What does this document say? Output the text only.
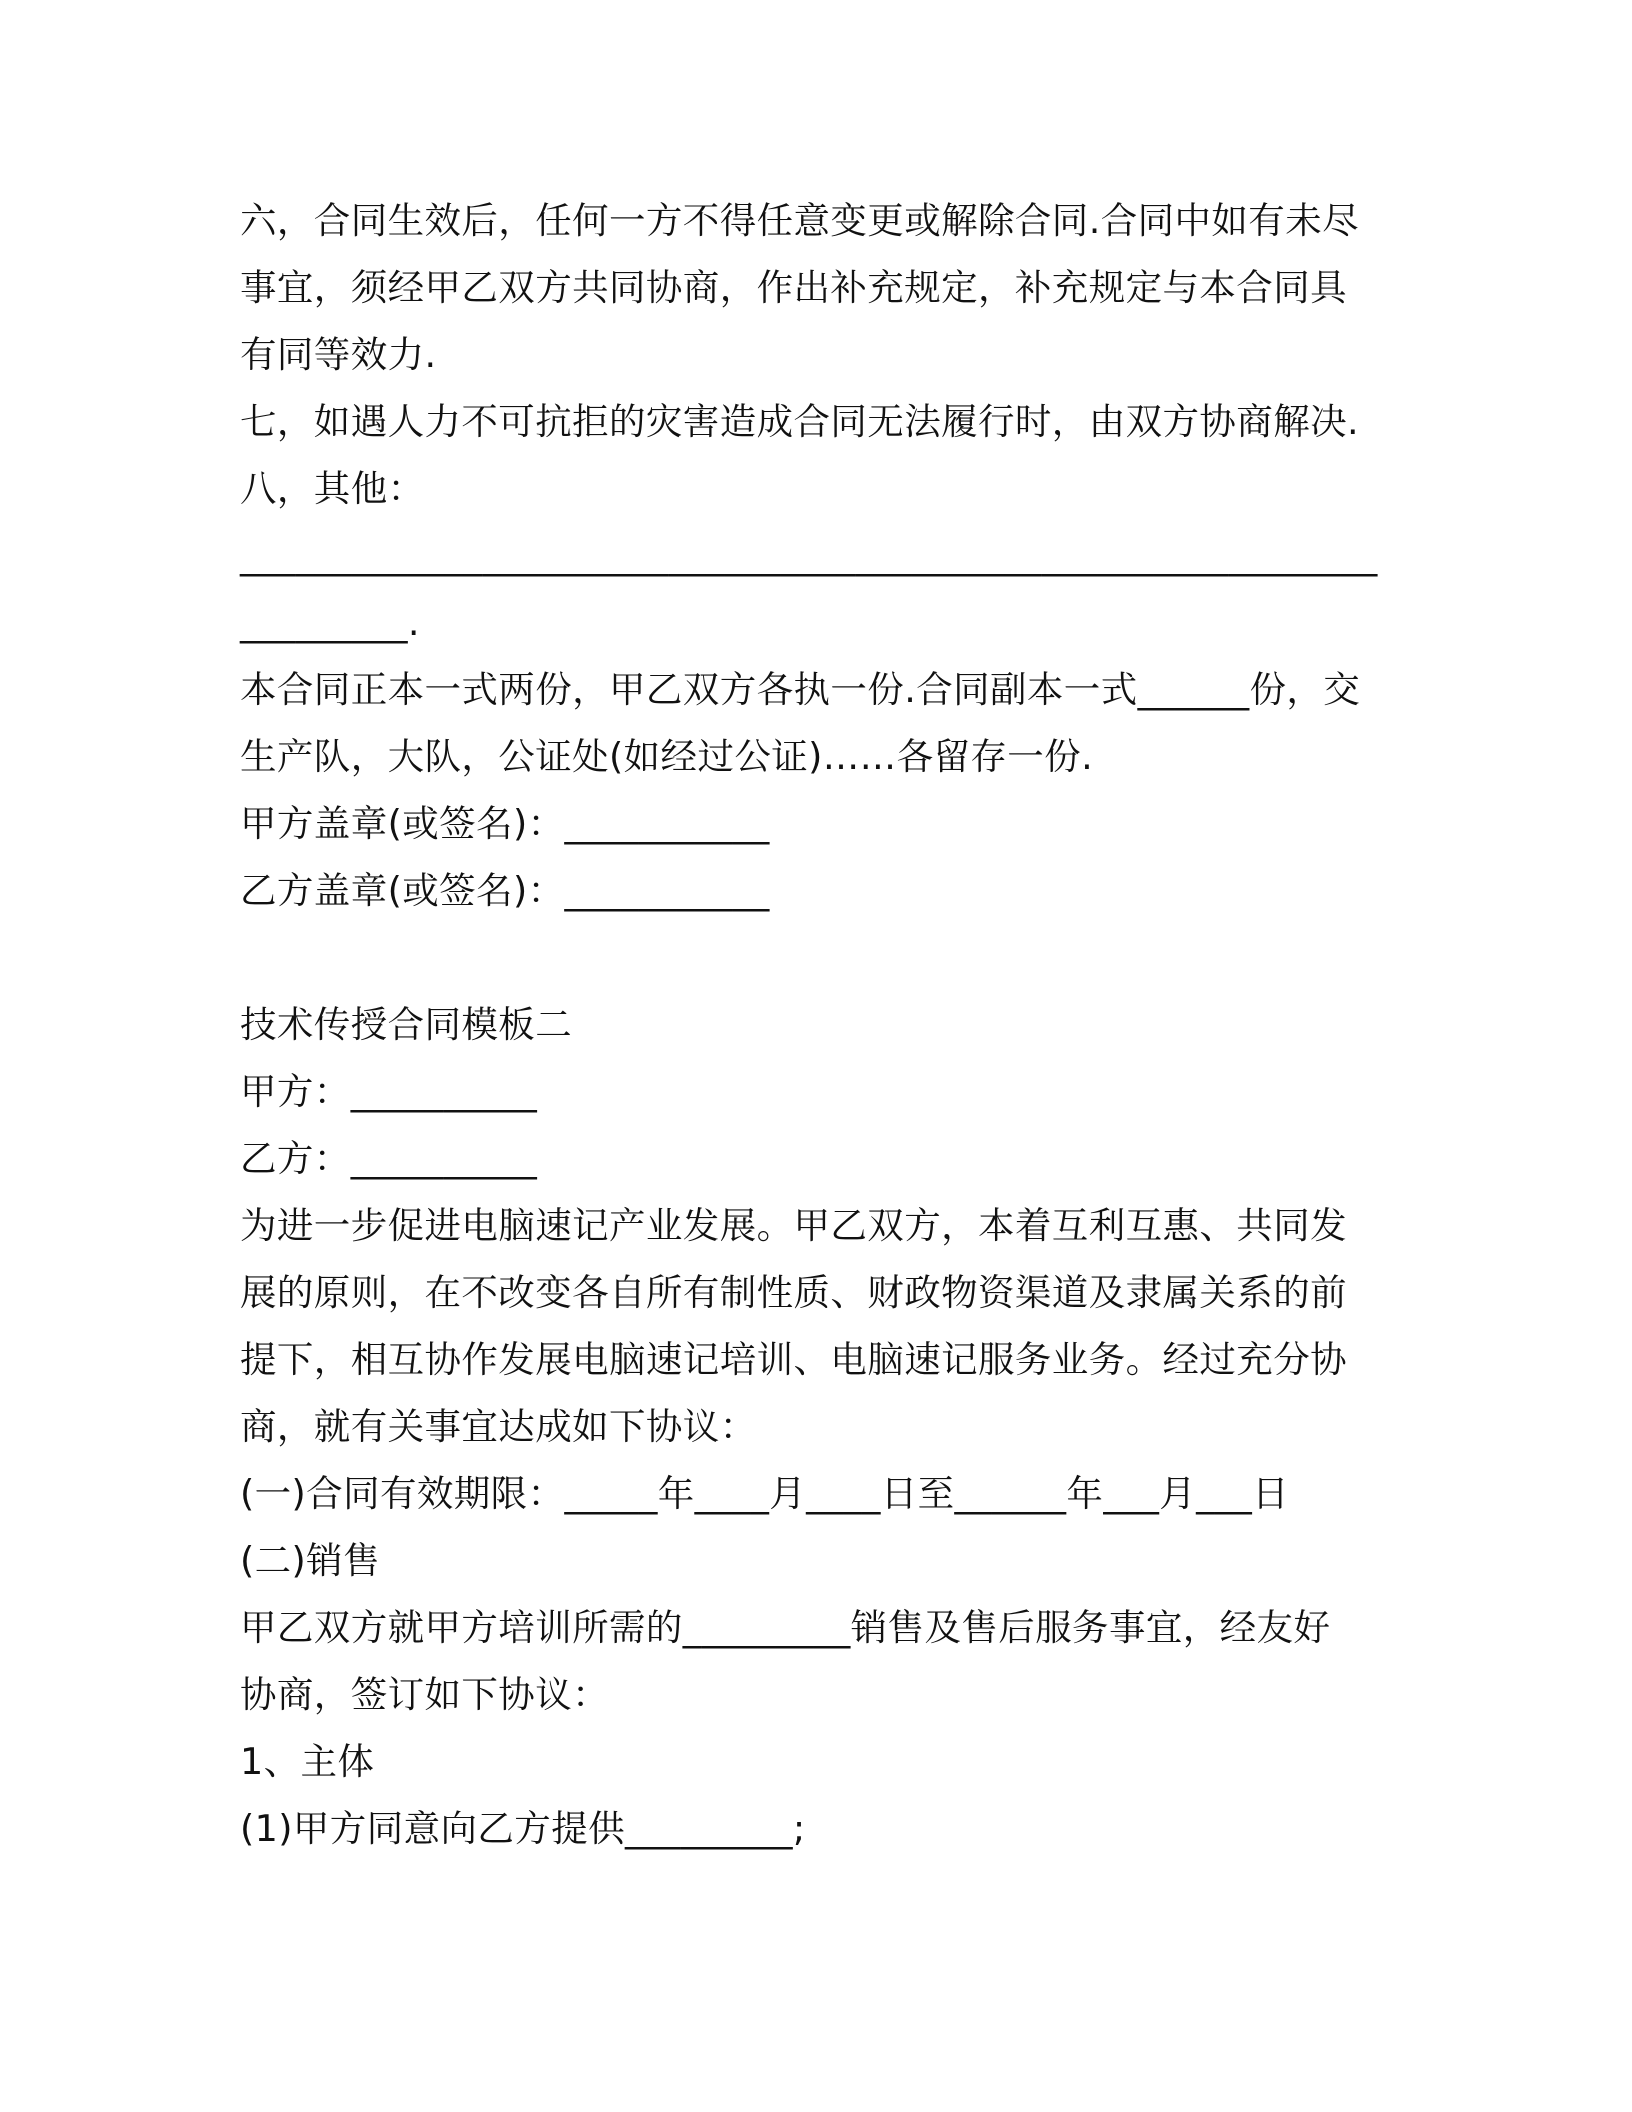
六，合同生效后，任何一方不得任意变更或解除合同.合同中如有未尽
事宜，须经甲乙双方共同协商，作出补充规定，补充规定与本合同具
有同等效力.
七，如遇人力不可抗拒的灾害造成合同无法履行时，由双方协商解决.
八，其他：
_____________________________________________________________
_________.
本合同正本一式两份，甲乙双方各执一份.合同副本一式______份，交
生产队，大队，公证处(如经过公证)……各留存一份.
甲方盖章(或签名)：___________
乙方盖章(或签名)：___________
技术传授合同模板二
甲方：__________
乙方：__________
为进一步促进电脑速记产业发展。甲乙双方，本着互利互惠、共同发
展的原则，在不改变各自所有制性质、财政物资渠道及隶属关系的前
提下，相互协作发展电脑速记培训、电脑速记服务业务。经过充分协
商，就有关事宜达成如下协议：
(一)合同有效期限：_____年____月____日至______年___月___日
(二)销售
甲乙双方就甲方培训所需的_________销售及售后服务事宜，经友好
协商，签订如下协议：
1、主体
(1)甲方同意向乙方提供_________;
